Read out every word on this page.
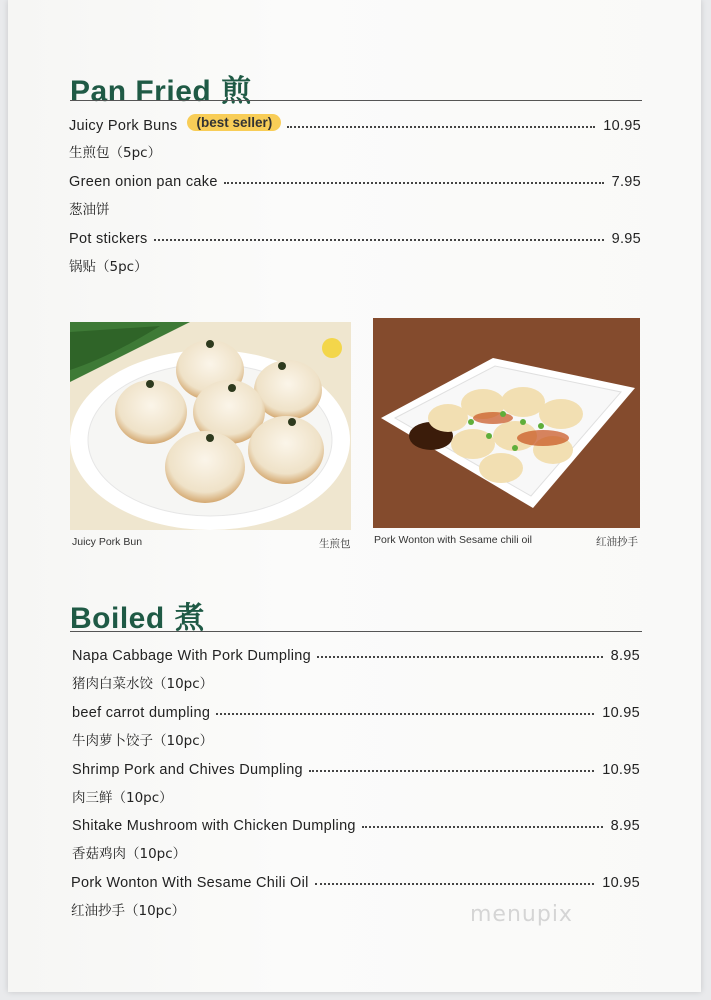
Pan Fried 煎
Juicy Pork Buns	(best seller)	10.95
生煎包（5pc）
Green onion pan cake	7.95
葱油饼
Pot stickers	9.95
锅贴（5pc）
Juicy Pork Bun	生煎包 Pork Wonton with Sesame chili oil	红油抄手
Boiled 煮
Napa Cabbage With Pork Dumpling	8.95
猪肉白菜水饺（10pc）
beef carrot dumpling	10.95
牛肉萝卜饺子（10pc）
Shrimp Pork and Chives Dumpling	10.95
肉三鲜（10pc）
Shitake Mushroom with Chicken Dumpling	8.95
香菇鸡肉（10pc）
Pork Wonton With Sesame Chili Oil	10.95
红油抄手（10pc）	menupix
